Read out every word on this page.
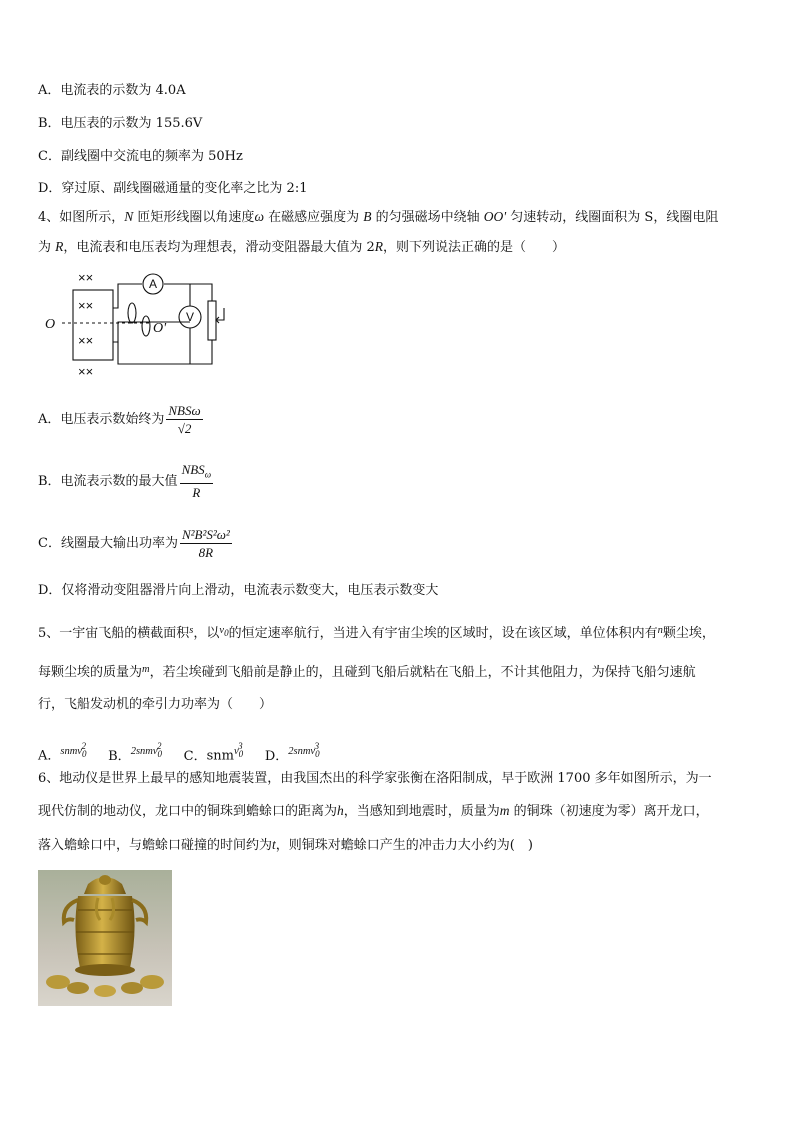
A．电流表的示数为 4.0A
B．电压表的示数为 155.6V
C．副线圈中交流电的频率为 50Hz
D．穿过原、副线圈磁通量的变化率之比为 2:1
4、如图所示，N 匝矩形线圈以角速度ω 在磁感应强度为 B 的匀强磁场中绕轴 OO' 匀速转动，线圈面积为 S，线圈电阻
为 R，电流表和电压表均为理想表，滑动变阻器最大值为 2R，则下列说法正确的是（　　）
××
××
××
××
O	O'
A
V
A．电压表示数始终为 $\frac{\text{NBSω}}{√2}$
B．电流表示数的最大值 $\frac{NBS_\omega}{R}$
C．线圈最大输出功率为 $\frac{\text{N²B²S²ω²}}{8R}$
D．仅将滑动变阻器滑片向上滑动，电流表示数变大，电压表示数变大
5、一宇宙飞船的横截面积$^s$，以$^{v_0}$的恒定速率航行，当进入有宇宙尘埃的区域时，设在该区域，单位体积内有$^n$颗尘埃，
每颗尘埃的质量为$^m$，若尘埃碰到飞船前是静止的，且碰到飞船后就粘在飞船上，不计其他阻力，为保持飞船匀速航
行，飞船发动机的牵引力功率为（　　）
A．$^{snmv_0^2}$ B．$^{2snmv_0^2}$ C．snm$^{v_0^3}$ D．$^{2snmv_0^3}$
6、地动仪是世界上最早的感知地震装置，由我国杰出的科学家张衡在洛阳制成，早于欧洲 1700 多年如图所示，为一
现代仿制的地动仪，龙口中的铜珠到蟾蜍口的距离为h，当感知到地震时，质量为m 的铜珠（初速度为零）离开龙口，
落入蟾蜍口中，与蟾蜍口碰撞的时间约为t，则铜珠对蟾蜍口产生的冲击力大小约为(　)
